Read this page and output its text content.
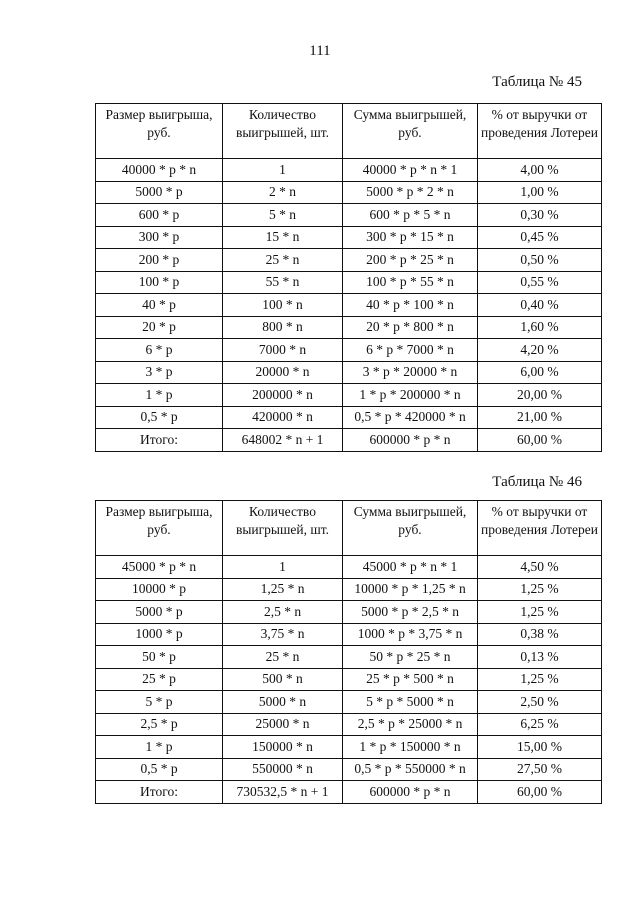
111
Таблица № 45
Размер выигрыша, руб.	Количество выигрышей, шт.	Сумма выигрышей, руб.	% от выручки от проведения Лотереи
40000 * p * n	1	40000 * p * n * 1	4,00 %
5000 * p	2 * n	5000 * p * 2 * n	1,00 %
600 * p	5 * n	600 * p * 5 * n	0,30 %
300 * p	15 * n	300 * p * 15 * n	0,45 %
200 * p	25 * n	200 * p * 25 * n	0,50 %
100 * p	55 * n	100 * p * 55 * n	0,55 %
40 * p	100 * n	40 * p * 100 * n	0,40 %
20 * p	800 * n	20 * p * 800 * n	1,60 %
6 * p	7000 * n	6 * p * 7000 * n	4,20 %
3 * p	20000 * n	3 * p * 20000 * n	6,00 %
1 * p	200000 * n	1 * p * 200000 * n	20,00 %
0,5 * p	420000 * n	0,5 * p * 420000 * n	21,00 %
Итого:	648002 * n + 1	600000 * p * n	60,00 %
Таблица № 46
Размер выигрыша, руб.	Количество выигрышей, шт.	Сумма выигрышей, руб.	% от выручки от проведения Лотереи
45000 * p * n	1	45000 * p * n * 1	4,50 %
10000 * p	1,25 * n	10000 * p * 1,25 * n	1,25 %
5000 * p	2,5 * n	5000 * p * 2,5 * n	1,25 %
1000 * p	3,75 * n	1000 * p * 3,75 * n	0,38 %
50 * p	25 * n	50 * p * 25 * n	0,13 %
25 * p	500 * n	25 * p * 500 * n	1,25 %
5 * p	5000 * n	5 * p * 5000 * n	2,50 %
2,5 * p	25000 * n	2,5 * p * 25000 * n	6,25 %
1 * p	150000 * n	1 * p * 150000 * n	15,00 %
0,5 * p	550000 * n	0,5 * p * 550000 * n	27,50 %
Итого:	730532,5 * n + 1	600000 * p * n	60,00 %
